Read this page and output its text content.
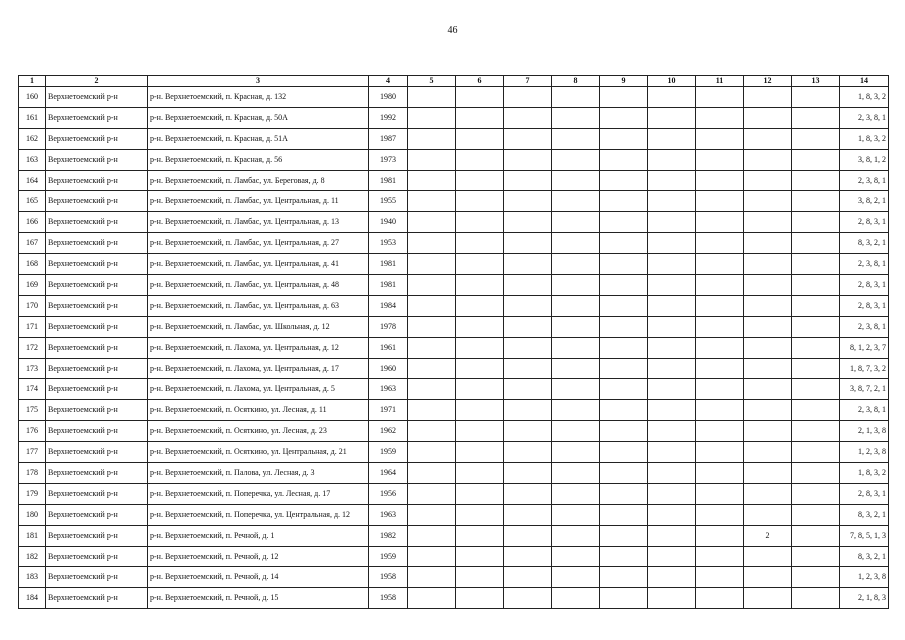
46
1	2	3	4	5	6	7	8	9	10	11	12	13	14
160	Верхнетоемский р-н	р-н. Верхнетоемский, п. Красная, д. 132	1980										1, 8, 3, 2
161	Верхнетоемский р-н	р-н. Верхнетоемский, п. Красная, д. 50А	1992										2, 3, 8, 1
162	Верхнетоемский р-н	р-н. Верхнетоемский, п. Красная, д. 51А	1987										1, 8, 3, 2
163	Верхнетоемский р-н	р-н. Верхнетоемский, п. Красная, д. 56	1973										3, 8, 1, 2
164	Верхнетоемский р-н	р-н. Верхнетоемский, п. Ламбас, ул. Береговая, д. 8	1981										2, 3, 8, 1
165	Верхнетоемский р-н	р-н. Верхнетоемский, п. Ламбас, ул. Центральная, д. 11	1955										3, 8, 2, 1
166	Верхнетоемский р-н	р-н. Верхнетоемский, п. Ламбас, ул. Центральная, д. 13	1940										2, 8, 3, 1
167	Верхнетоемский р-н	р-н. Верхнетоемский, п. Ламбас, ул. Центральная, д. 27	1953										8, 3, 2, 1
168	Верхнетоемский р-н	р-н. Верхнетоемский, п. Ламбас, ул. Центральная, д. 41	1981										2, 3, 8, 1
169	Верхнетоемский р-н	р-н. Верхнетоемский, п. Ламбас, ул. Центральная, д. 48	1981										2, 8, 3, 1
170	Верхнетоемский р-н	р-н. Верхнетоемский, п. Ламбас, ул. Центральная, д. 63	1984										2, 8, 3, 1
171	Верхнетоемский р-н	р-н. Верхнетоемский, п. Ламбас, ул. Школьная, д. 12	1978										2, 3, 8, 1
172	Верхнетоемский р-н	р-н. Верхнетоемский, п. Лахома, ул. Центральная, д. 12	1961										8, 1, 2, 3, 7
173	Верхнетоемский р-н	р-н. Верхнетоемский, п. Лахома, ул. Центральная, д. 17	1960										1, 8, 7, 3, 2
174	Верхнетоемский р-н	р-н. Верхнетоемский, п. Лахома, ул. Центральная, д. 5	1963										3, 8, 7, 2, 1
175	Верхнетоемский р-н	р-н. Верхнетоемский, п. Осяткино, ул. Лесная, д. 11	1971										2, 3, 8, 1
176	Верхнетоемский р-н	р-н. Верхнетоемский, п. Осяткино, ул. Лесная, д. 23	1962										2, 1, 3, 8
177	Верхнетоемский р-н	р-н. Верхнетоемский, п. Осяткино, ул. Центральная, д. 21	1959										1, 2, 3, 8
178	Верхнетоемский р-н	р-н. Верхнетоемский, п. Палова, ул. Лесная, д. 3	1964										1, 8, 3, 2
179	Верхнетоемский р-н	р-н. Верхнетоемский, п. Поперечка, ул. Лесная, д. 17	1956										2, 8, 3, 1
180	Верхнетоемский р-н	р-н. Верхнетоемский, п. Поперечка, ул. Центральная, д. 12	1963										8, 3, 2, 1
181	Верхнетоемский р-н	р-н. Верхнетоемский, п. Речной, д. 1	1982								2		7, 8, 5, 1, 3
182	Верхнетоемский р-н	р-н. Верхнетоемский, п. Речной, д. 12	1959										8, 3, 2, 1
183	Верхнетоемский р-н	р-н. Верхнетоемский, п. Речной, д. 14	1958										1, 2, 3, 8
184	Верхнетоемский р-н	р-н. Верхнетоемский, п. Речной, д. 15	1958										2, 1, 8, 3
